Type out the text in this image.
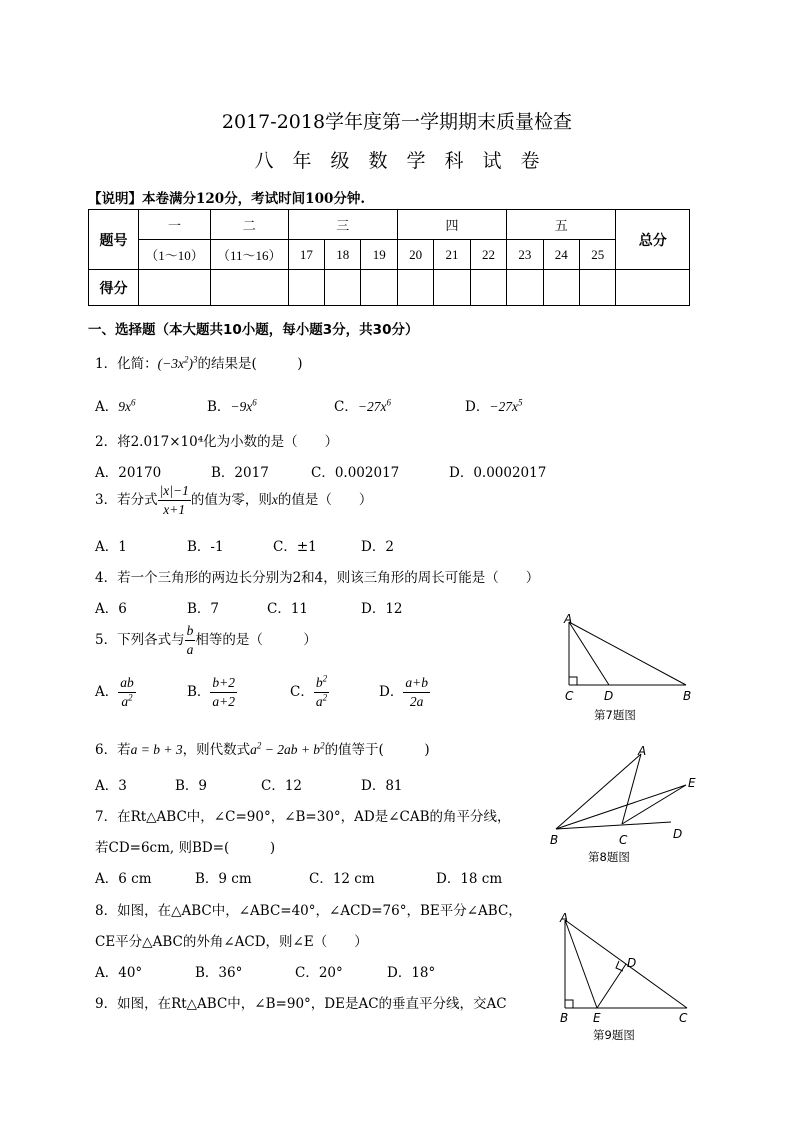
2017-2018学年度第一学期期末质量检查
八年级数学科试卷
【说明】本卷满分120分，考试时间100分钟.
题号	一	二	三			四			五			总分
	（1～10）	（11～16）	17	18	19	20	21	22	23	24	25	
得分												
一、选择题（本大题共10小题，每小题3分，共30分）
1．化简：$(-3x^2)^3$的结果是(　　　)
A．$9x^6$	B．$-9x^6$	C．$-27x^6$	D．$-27x^5$
2．将2.017×10⁴化为小数的是（　　）
A．20170	B．2017	C．0.002017	D．0.0002017
3．若分式 $\frac{|x|-1}{x+1}$ 的值为零，则x的值是（　　）
A．1	B．-1	C．±1	D．2
4．若一个三角形的两边长分别为2和4，则该三角形的周长可能是（　　）
A．6	B．7	C．11	D．12
5．下列各式与 $\frac{b}{a}$ 相等的是（　　　）
A． $\frac{ab}{a^2}$	B． $\frac{b+2}{a+2}$	C． $\frac{b^2}{a^2}$	D． $\frac{a+b}{2a}$
6．若a = b + 3，则代数式$a^2 - 2ab + b^2$的值等于(　　　)
A．3	B．9	C．12	D．81
7．在Rt△ABC中，∠C=90°，∠B=30°，AD是∠CAB的角平分线，
若CD=6cm, 则BD=(　　　)
A．6 cm	B．9 cm	C．12 cm	D．18 cm
8．如图，在△ABC中，∠ABC=40°，∠ACD=76°，BE平分∠ABC，
CE平分△ABC的外角∠ACD，则∠E（　　）
A．40°	B．36°	C．20°	D．18°
9．如图，在Rt△ABC中，∠B=90°，DE是AC的垂直平分线，交AC
A
C	D	B
第7题图
A
E
B	C	D
第8题图
A
D
B E	C
第9题图
